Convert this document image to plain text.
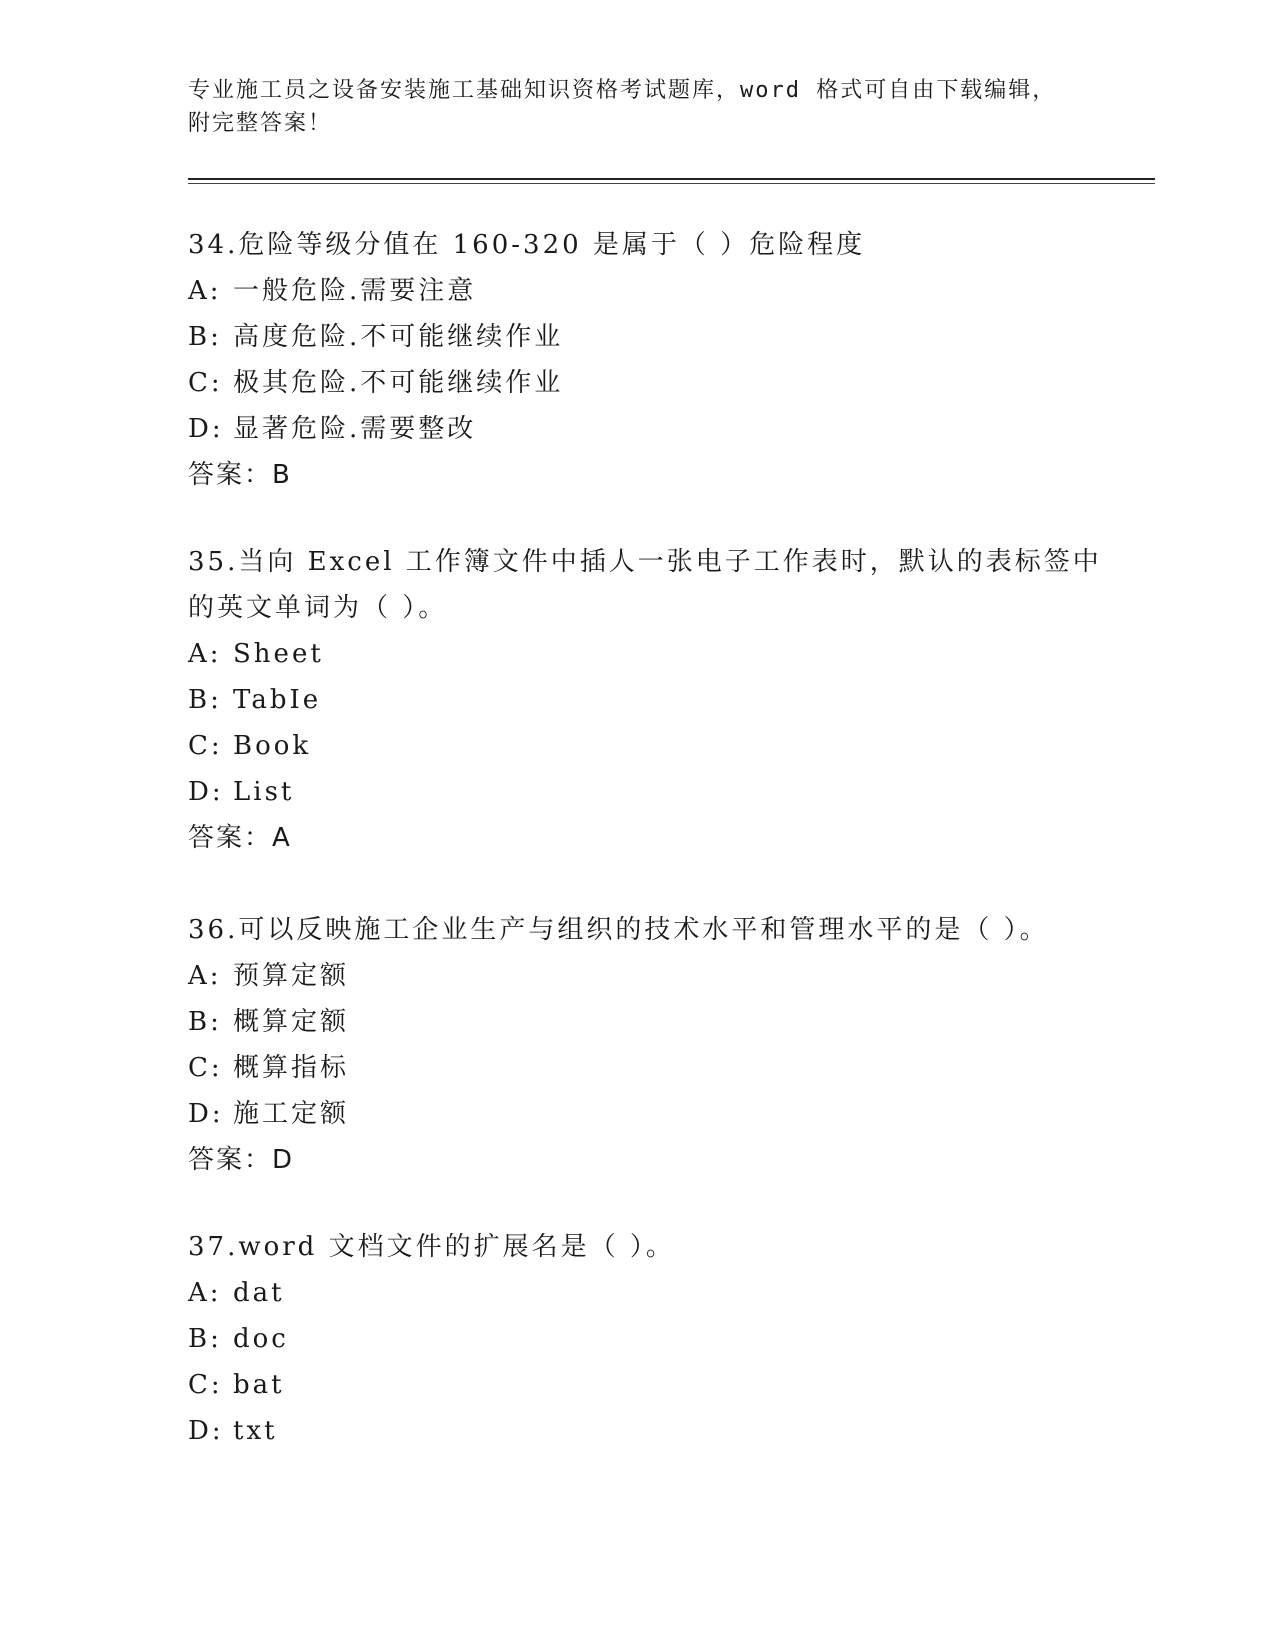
专业施工员之设备安装施工基础知识资格考试题库，word 格式可自由下载编辑，
附完整答案！

34.危险等级分值在 160-320 是属于（ ）危险程度

A: 一般危险.需要注意

B: 高度危险.不可能继续作业

C: 极其危险.不可能继续作业

D: 显著危险.需要整改

答案：B

35.当向 Excel 工作簿文件中插人一张电子工作表时，默认的表标签中

的英文单词为（ ）。

A: Sheet

B: TabIe

C: Book

D: List

答案：A

36.可以反映施工企业生产与组织的技术水平和管理水平的是（ ）。

A: 预算定额

B: 概算定额

C: 概算指标

D: 施工定额

答案：D

37.word 文档文件的扩展名是（ ）。

A: dat

B: doc

C: bat

D: txt
